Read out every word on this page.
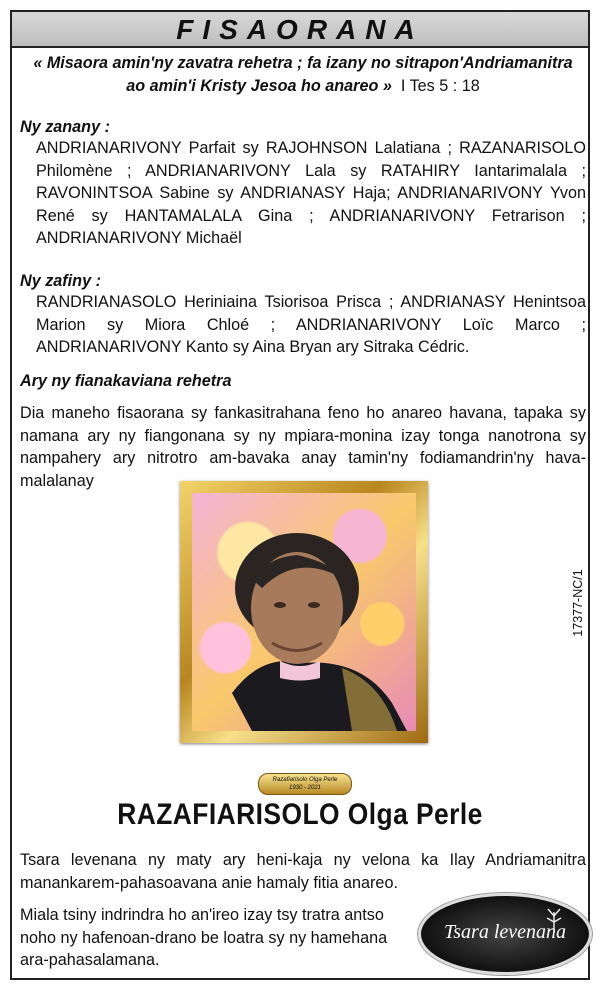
FISAORANA
« Misaora amin'ny zavatra rehetra ; fa izany no sitrapon'Andriamanitra
ao amin'i Kristy Jesoa ho anareo » I Tes 5 : 18
Ny zanany :
ANDRIANARIVONY Parfait sy RAJOHNSON Lalatiana ; RAZANARISOLO Philomène ; ANDRIANARIVONY Lala sy RATAHIRY Iantarimalala ; RAVONINTSOA Sabine sy ANDRIANASY Haja; ANDRIANARIVONY Yvon René sy HANTAMALALA Gina ; ANDRIANARIVONY Fetrarison ; ANDRIANARIVONY Michaël
Ny zafiny :
RANDRIANASOLO Heriniaina Tsiorisoa Prisca ; ANDRIANASY Henintsoa Marion sy Miora Chloé ; ANDRIANARIVONY Loïc Marco ; ANDRIANARIVONY Kanto sy Aina Bryan ary Sitraka Cédric.
Ary ny fianakaviana rehetra
Dia maneho fisaorana sy fankasitrahana feno ho anareo havana, tapaka sy namana ary ny fiangonana sy ny mpiara-monina izay tonga nanotrona sy nampahery ary nitrotro am-bavaka anay tamin'ny fodiamandrin'ny hava-malalanay
17377-NC/1
Razafiarisolo Olga Perle
1930 - 2021
RAZAFIARISOLO Olga Perle
Tsara levenana ny maty ary heni-kaja ny velona ka Ilay Andriamanitra manankarem-pahasoavana anie hamaly fitia anareo.
Miala tsiny indrindra ho an'ireo izay tsy tratra antso noho ny hafenoan-drano be loatra sy ny hamehana ara-pahasalamana.
Tsara levenana
